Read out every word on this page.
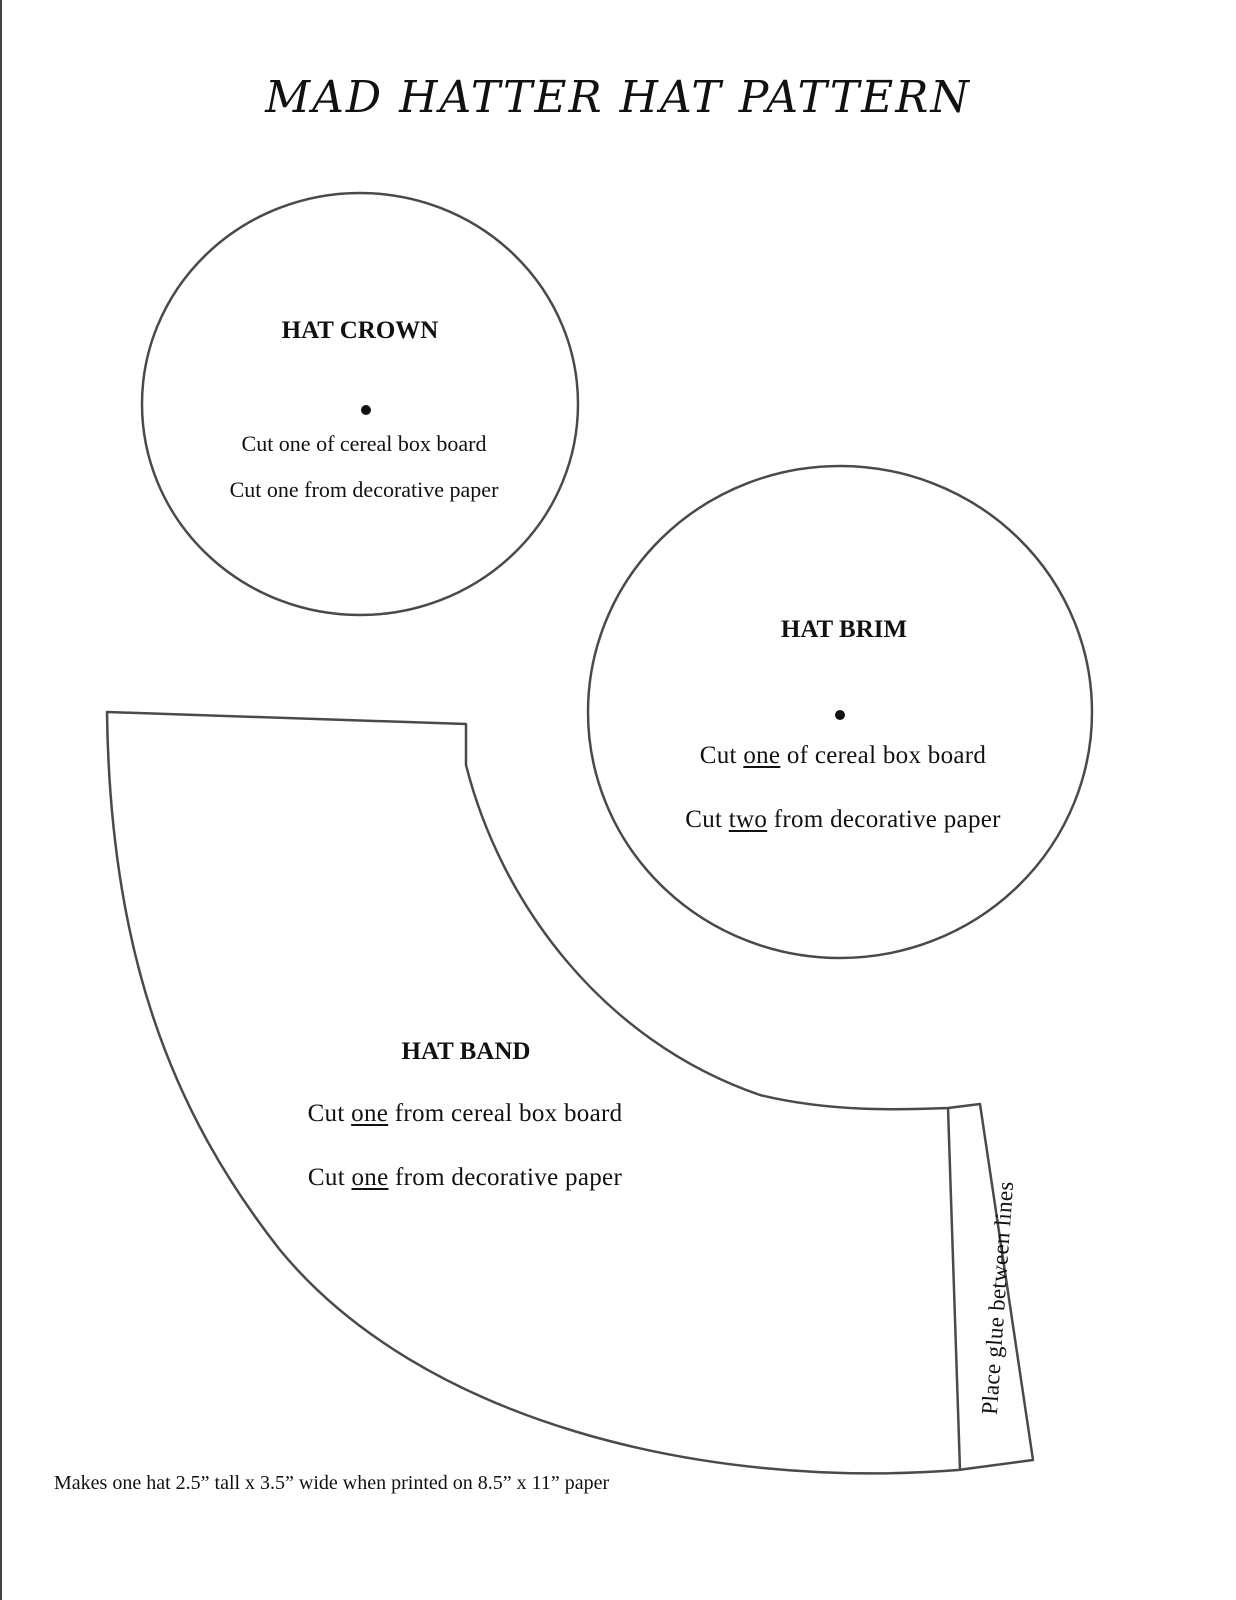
MAD HATTER HAT PATTERN
HAT CROWN
Cut one of cereal box board
Cut one from decorative paper
HAT BRIM
Cut one of cereal box board
Cut two from decorative paper
HAT BAND
Cut one from cereal box board
Cut one from decorative paper
Place glue between lines
Makes one hat 2.5” tall x 3.5” wide when printed on 8.5” x 11” paper
